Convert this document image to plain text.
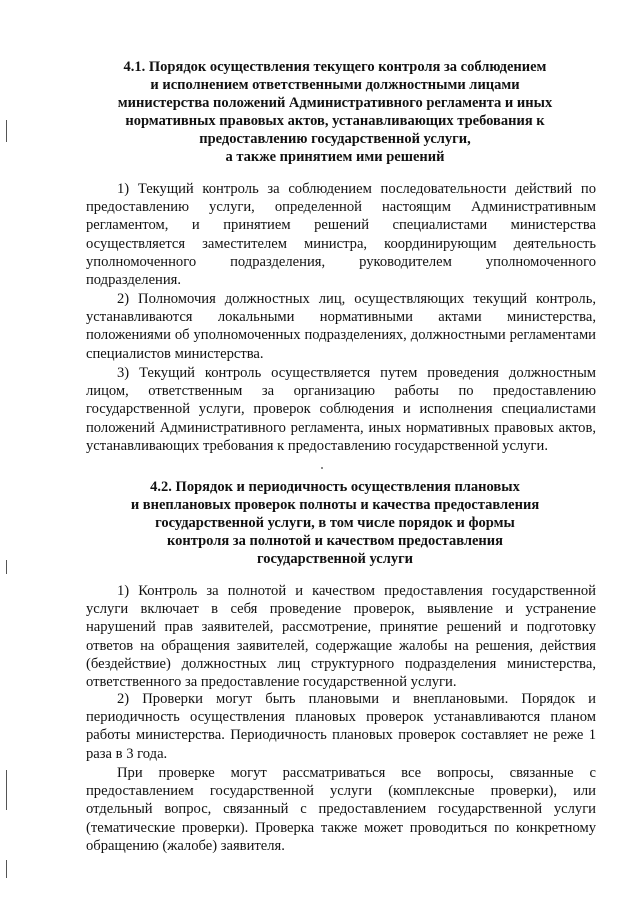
4.1. Порядок осуществления текущего контроля за соблюдением
и исполнением ответственными должностными лицами
министерства положений Административного регламента и иных
нормативных правовых актов, устанавливающих требования к
предоставлению государственной услуги,
а также принятием ими решений

1) Текущий контроль за соблюдением последовательности действий по предоставлению услуги, определенной настоящим Административным регламентом, и принятием решений специалистами министерства осуществляется заместителем министра, координирующим деятельность уполномоченного подразделения, руководителем уполномоченного подразделения.

2) Полномочия должностных лиц, осуществляющих текущий контроль, устанавливаются локальными нормативными актами министерства, положениями об уполномоченных подразделениях, должностными регламентами специалистов министерства.

3) Текущий контроль осуществляется путем проведения должностным лицом, ответственным за организацию работы по предоставлению государственной услуги, проверок соблюдения и исполнения специалистами положений Административного регламента, иных нормативных правовых актов, устанавливающих требования к предоставлению государственной услуги.

4.2. Порядок и периодичность осуществления плановых
и внеплановых проверок полноты и качества предоставления
государственной услуги, в том числе порядок и формы
контроля за полнотой и качеством предоставления
государственной услуги

1) Контроль за полнотой и качеством предоставления государственной услуги включает в себя проведение проверок, выявление и устранение нарушений прав заявителей, рассмотрение, принятие решений и подготовку ответов на обращения заявителей, содержащие жалобы на решения, действия (бездействие) должностных лиц структурного подразделения министерства, ответственного за предоставление государственной услуги.

2) Проверки могут быть плановыми и внеплановыми. Порядок и периодичность осуществления плановых проверок устанавливаются планом работы министерства. Периодичность плановых проверок составляет не реже 1 раза в 3 года.

При проверке могут рассматриваться все вопросы, связанные с предоставлением государственной услуги (комплексные проверки), или отдельный вопрос, связанный с предоставлением государственной услуги (тематические проверки). Проверка также может проводиться по конкретному обращению (жалобе) заявителя.
